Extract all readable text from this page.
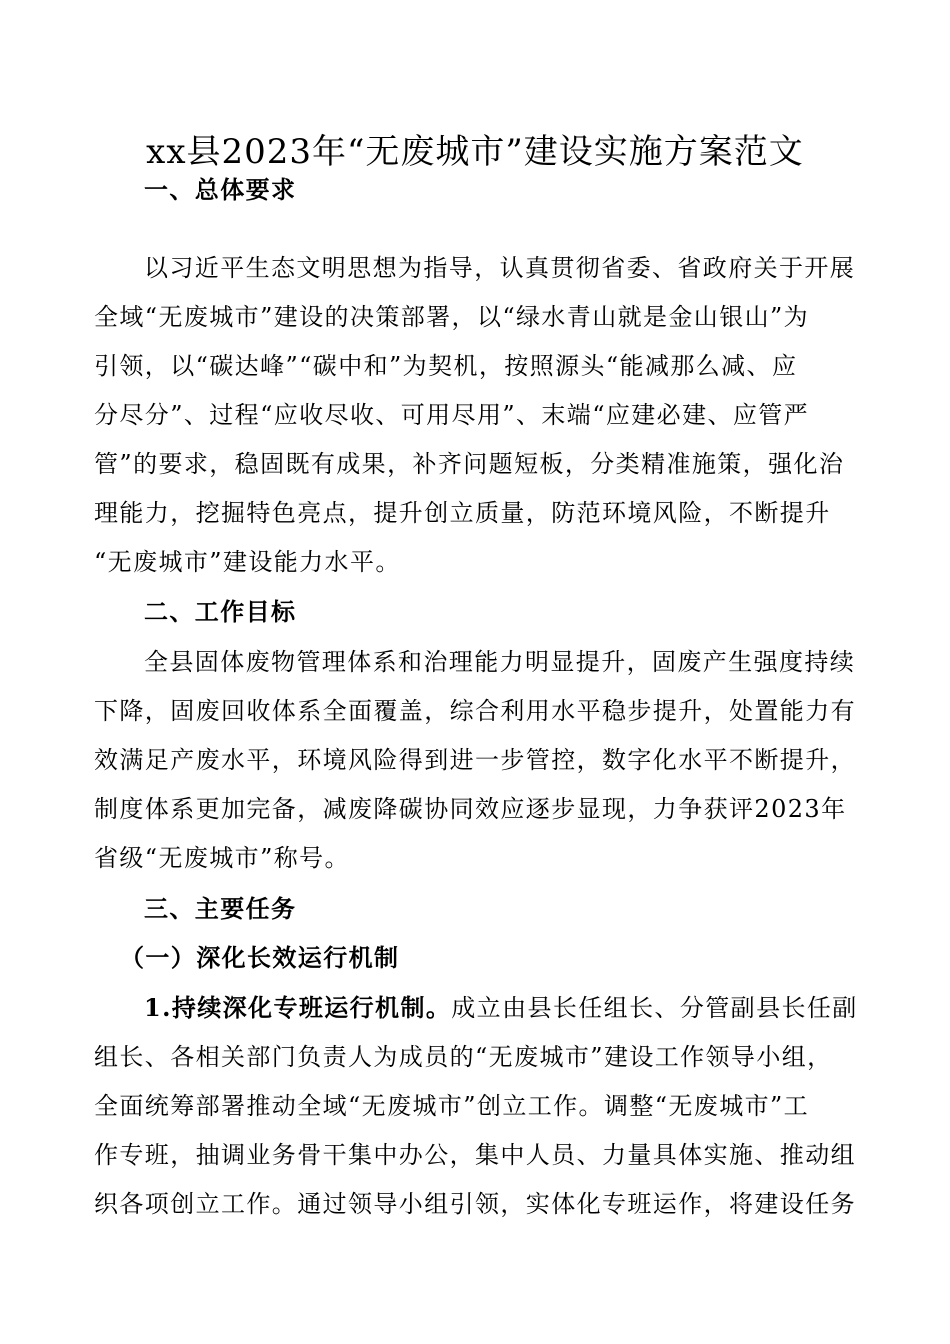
xx县2023年“无废城市”建设实施方案范文
一、总体要求
以习近平生态文明思想为指导，认真贯彻省委、省政府关于开展
全域“无废城市”建设的决策部署，以“绿水青山就是金山银山”为
引领，以“碳达峰”“碳中和”为契机，按照源头“能减那么减、应
分尽分”、过程“应收尽收、可用尽用”、末端“应建必建、应管严
管”的要求，稳固既有成果，补齐问题短板，分类精准施策，强化治
理能力，挖掘特色亮点，提升创立质量，防范环境风险，不断提升
“无废城市”建设能力水平。
二、工作目标
全县固体废物管理体系和治理能力明显提升，固废产生强度持续
下降，固废回收体系全面覆盖，综合利用水平稳步提升，处置能力有
效满足产废水平，环境风险得到进一步管控，数字化水平不断提升，
制度体系更加完备，减废降碳协同效应逐步显现，力争获评2023年
省级“无废城市”称号。
三、主要任务
（一）深化长效运行机制
1.持续深化专班运行机制。成立由县长任组长、分管副县长任副
组长、各相关部门负责人为成员的“无废城市”建设工作领导小组，
全面统筹部署推动全域“无废城市”创立工作。调整“无废城市”工
作专班，抽调业务骨干集中办公，集中人员、力量具体实施、推动组
织各项创立工作。通过领导小组引领，实体化专班运作，将建设任务
